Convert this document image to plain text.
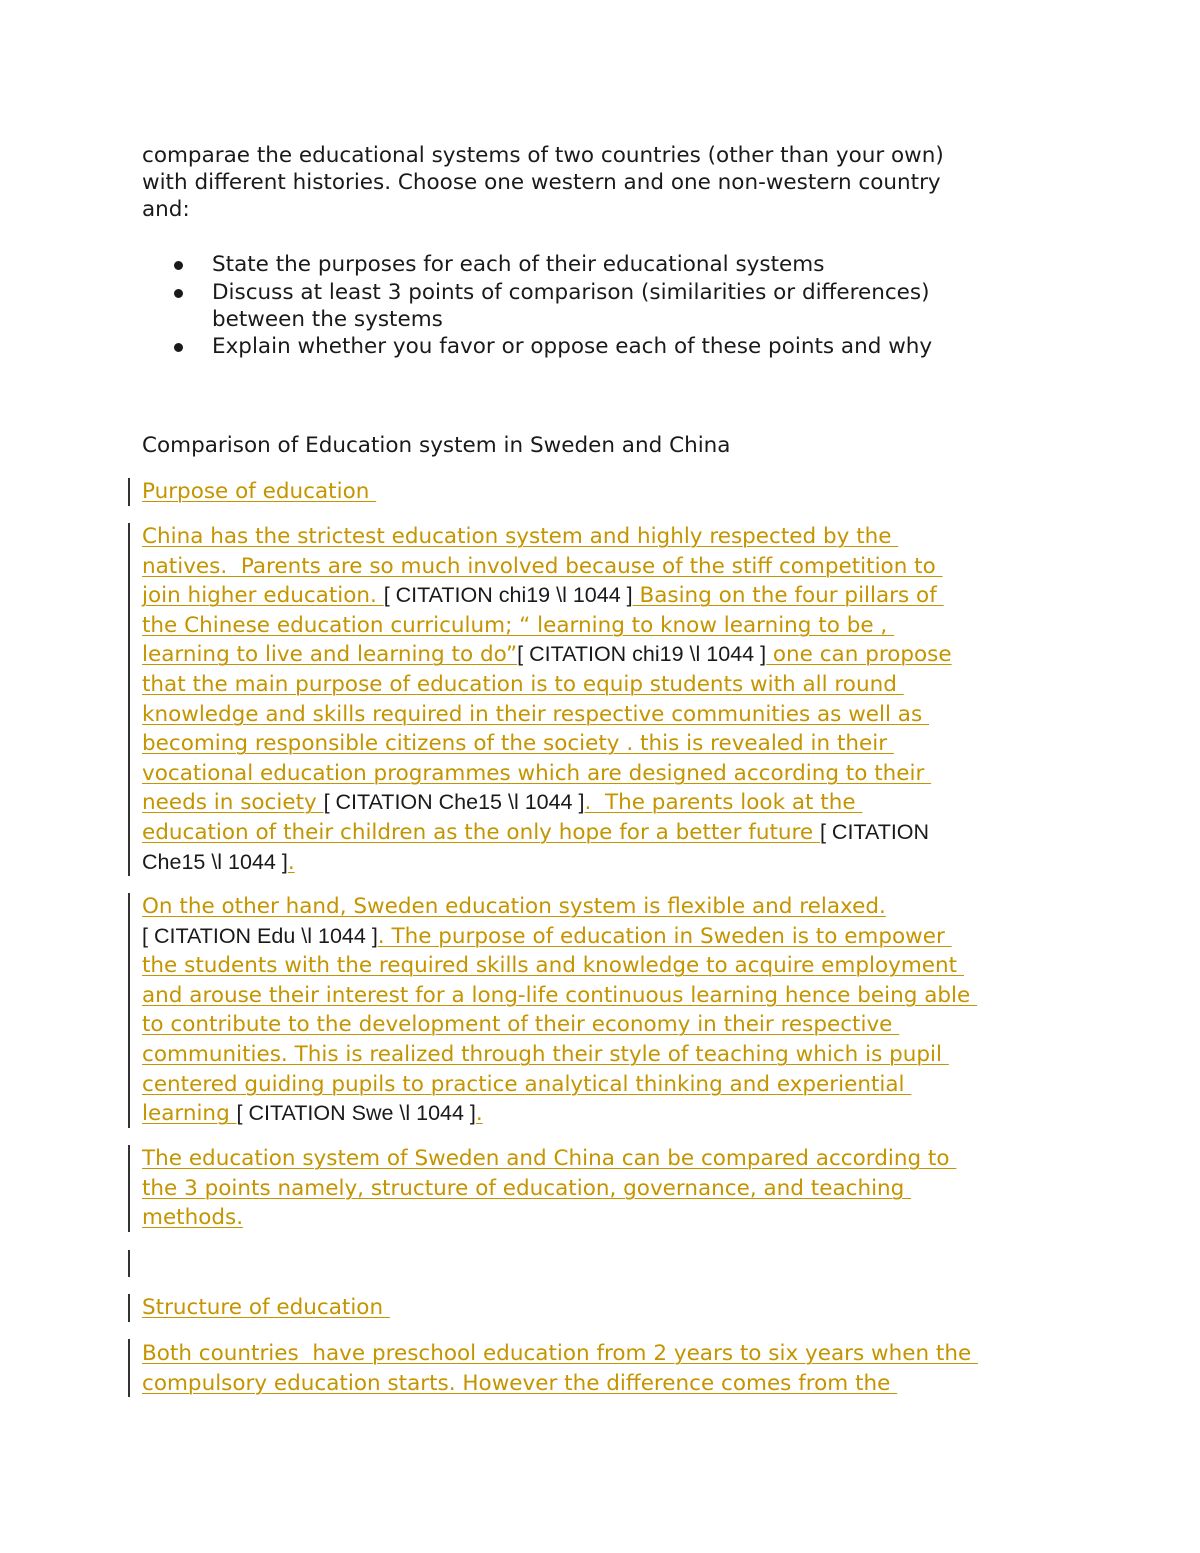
comparae the educational systems of two countries (other than your own)
with different histories. Choose one western and one non-western country
and:
State the purposes for each of their educational systems
Discuss at least 3 points of comparison (similarities or differences)
between the systems
Explain whether you favor or oppose each of these points and why
Comparison of Education system in Sweden and China
Purpose of education
China has the strictest education system and highly respected by the
natives.  Parents are so much involved because of the stiff competition to
join higher education. [ CITATION chi19 \l 1044 ] Basing on the four pillars of
the Chinese education curriculum; “ learning to know learning to be ,
learning to live and learning to do”[ CITATION chi19 \l 1044 ] one can propose
that the main purpose of education is to equip students with all round
knowledge and skills required in their respective communities as well as
becoming responsible citizens of the society . this is revealed in their
vocational education programmes which are designed according to their
needs in society [ CITATION Che15 \l 1044 ].  The parents look at the
education of their children as the only hope for a better future [ CITATION
Che15 \l 1044 ].
On the other hand, Sweden education system is flexible and relaxed.
[ CITATION Edu \l 1044 ]. The purpose of education in Sweden is to empower
the students with the required skills and knowledge to acquire employment
and arouse their interest for a long-life continuous learning hence being able
to contribute to the development of their economy in their respective
communities. This is realized through their style of teaching which is pupil
centered guiding pupils to practice analytical thinking and experiential
learning [ CITATION Swe \l 1044 ].
The education system of Sweden and China can be compared according to
the 3 points namely, structure of education, governance, and teaching
methods.
Structure of education
Both countries  have preschool education from 2 years to six years when the
compulsory education starts. However the difference comes from the
